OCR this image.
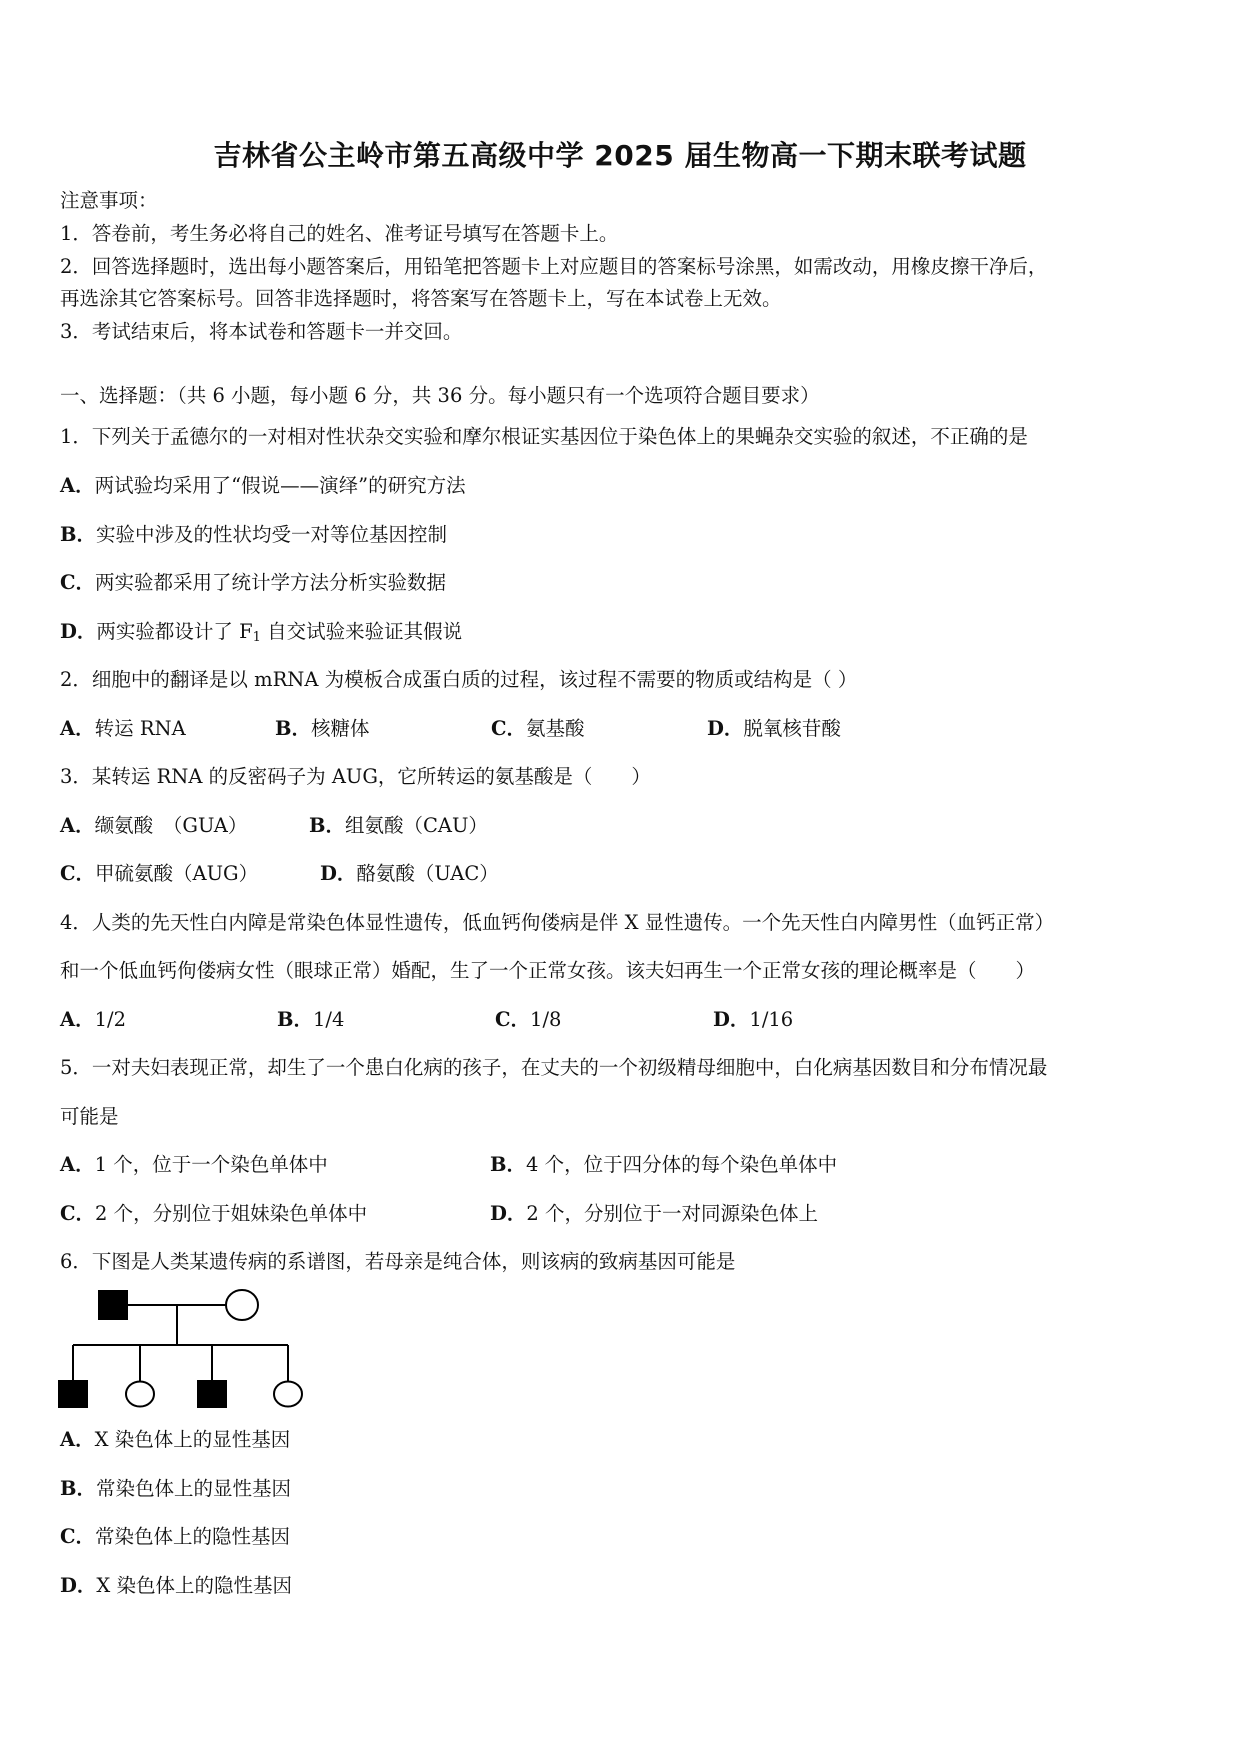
吉林省公主岭市第五高级中学 2025 届生物高一下期末联考试题
注意事项：
1．答卷前，考生务必将自己的姓名、准考证号填写在答题卡上。
2．回答选择题时，选出每小题答案后，用铅笔把答题卡上对应题目的答案标号涂黑，如需改动，用橡皮擦干净后，
再选涂其它答案标号。回答非选择题时，将答案写在答题卡上，写在本试卷上无效。
3．考试结束后，将本试卷和答题卡一并交回。
一、选择题：（共 6 小题，每小题 6 分，共 36 分。每小题只有一个选项符合题目要求）
1．下列关于孟德尔的一对相对性状杂交实验和摩尔根证实基因位于染色体上的果蝇杂交实验的叙述，不正确的是
A．两试验均采用了“假说——演绎”的研究方法
B．实验中涉及的性状均受一对等位基因控制
C．两实验都采用了统计学方法分析实验数据
D．两实验都设计了 $F_1$ 自交试验来验证其假说
2．细胞中的翻译是以 mRNA 为模板合成蛋白质的过程，该过程不需要的物质或结构是（ ）
A．转运 RNA	B．核糖体	C．氨基酸	D．脱氧核苷酸
3．某转运 RNA 的反密码子为 AUG，它所转运的氨基酸是（　　）
A．缬氨酸　（GUA）	B．组氨酸（CAU）
C．甲硫氨酸（AUG）	D．酪氨酸（UAC）
4．人类的先天性白内障是常染色体显性遗传，低血钙佝偻病是伴 X 显性遗传。一个先天性白内障男性（血钙正常）
和一个低血钙佝偻病女性（眼球正常）婚配，生了一个正常女孩。该夫妇再生一个正常女孩的理论概率是（　　）
A．1/2	B．1/4	C．1/8	D．1/16
5．一对夫妇表现正常，却生了一个患白化病的孩子，在丈夫的一个初级精母细胞中，白化病基因数目和分布情况最
可能是
A．1 个，位于一个染色单体中	B．4 个，位于四分体的每个染色单体中
C．2 个，分别位于姐妹染色单体中	D．2 个，分别位于一对同源染色体上
6．下图是人类某遗传病的系谱图，若母亲是纯合体，则该病的致病基因可能是
A．X 染色体上的显性基因
B．常染色体上的显性基因
C．常染色体上的隐性基因
D．X 染色体上的隐性基因
